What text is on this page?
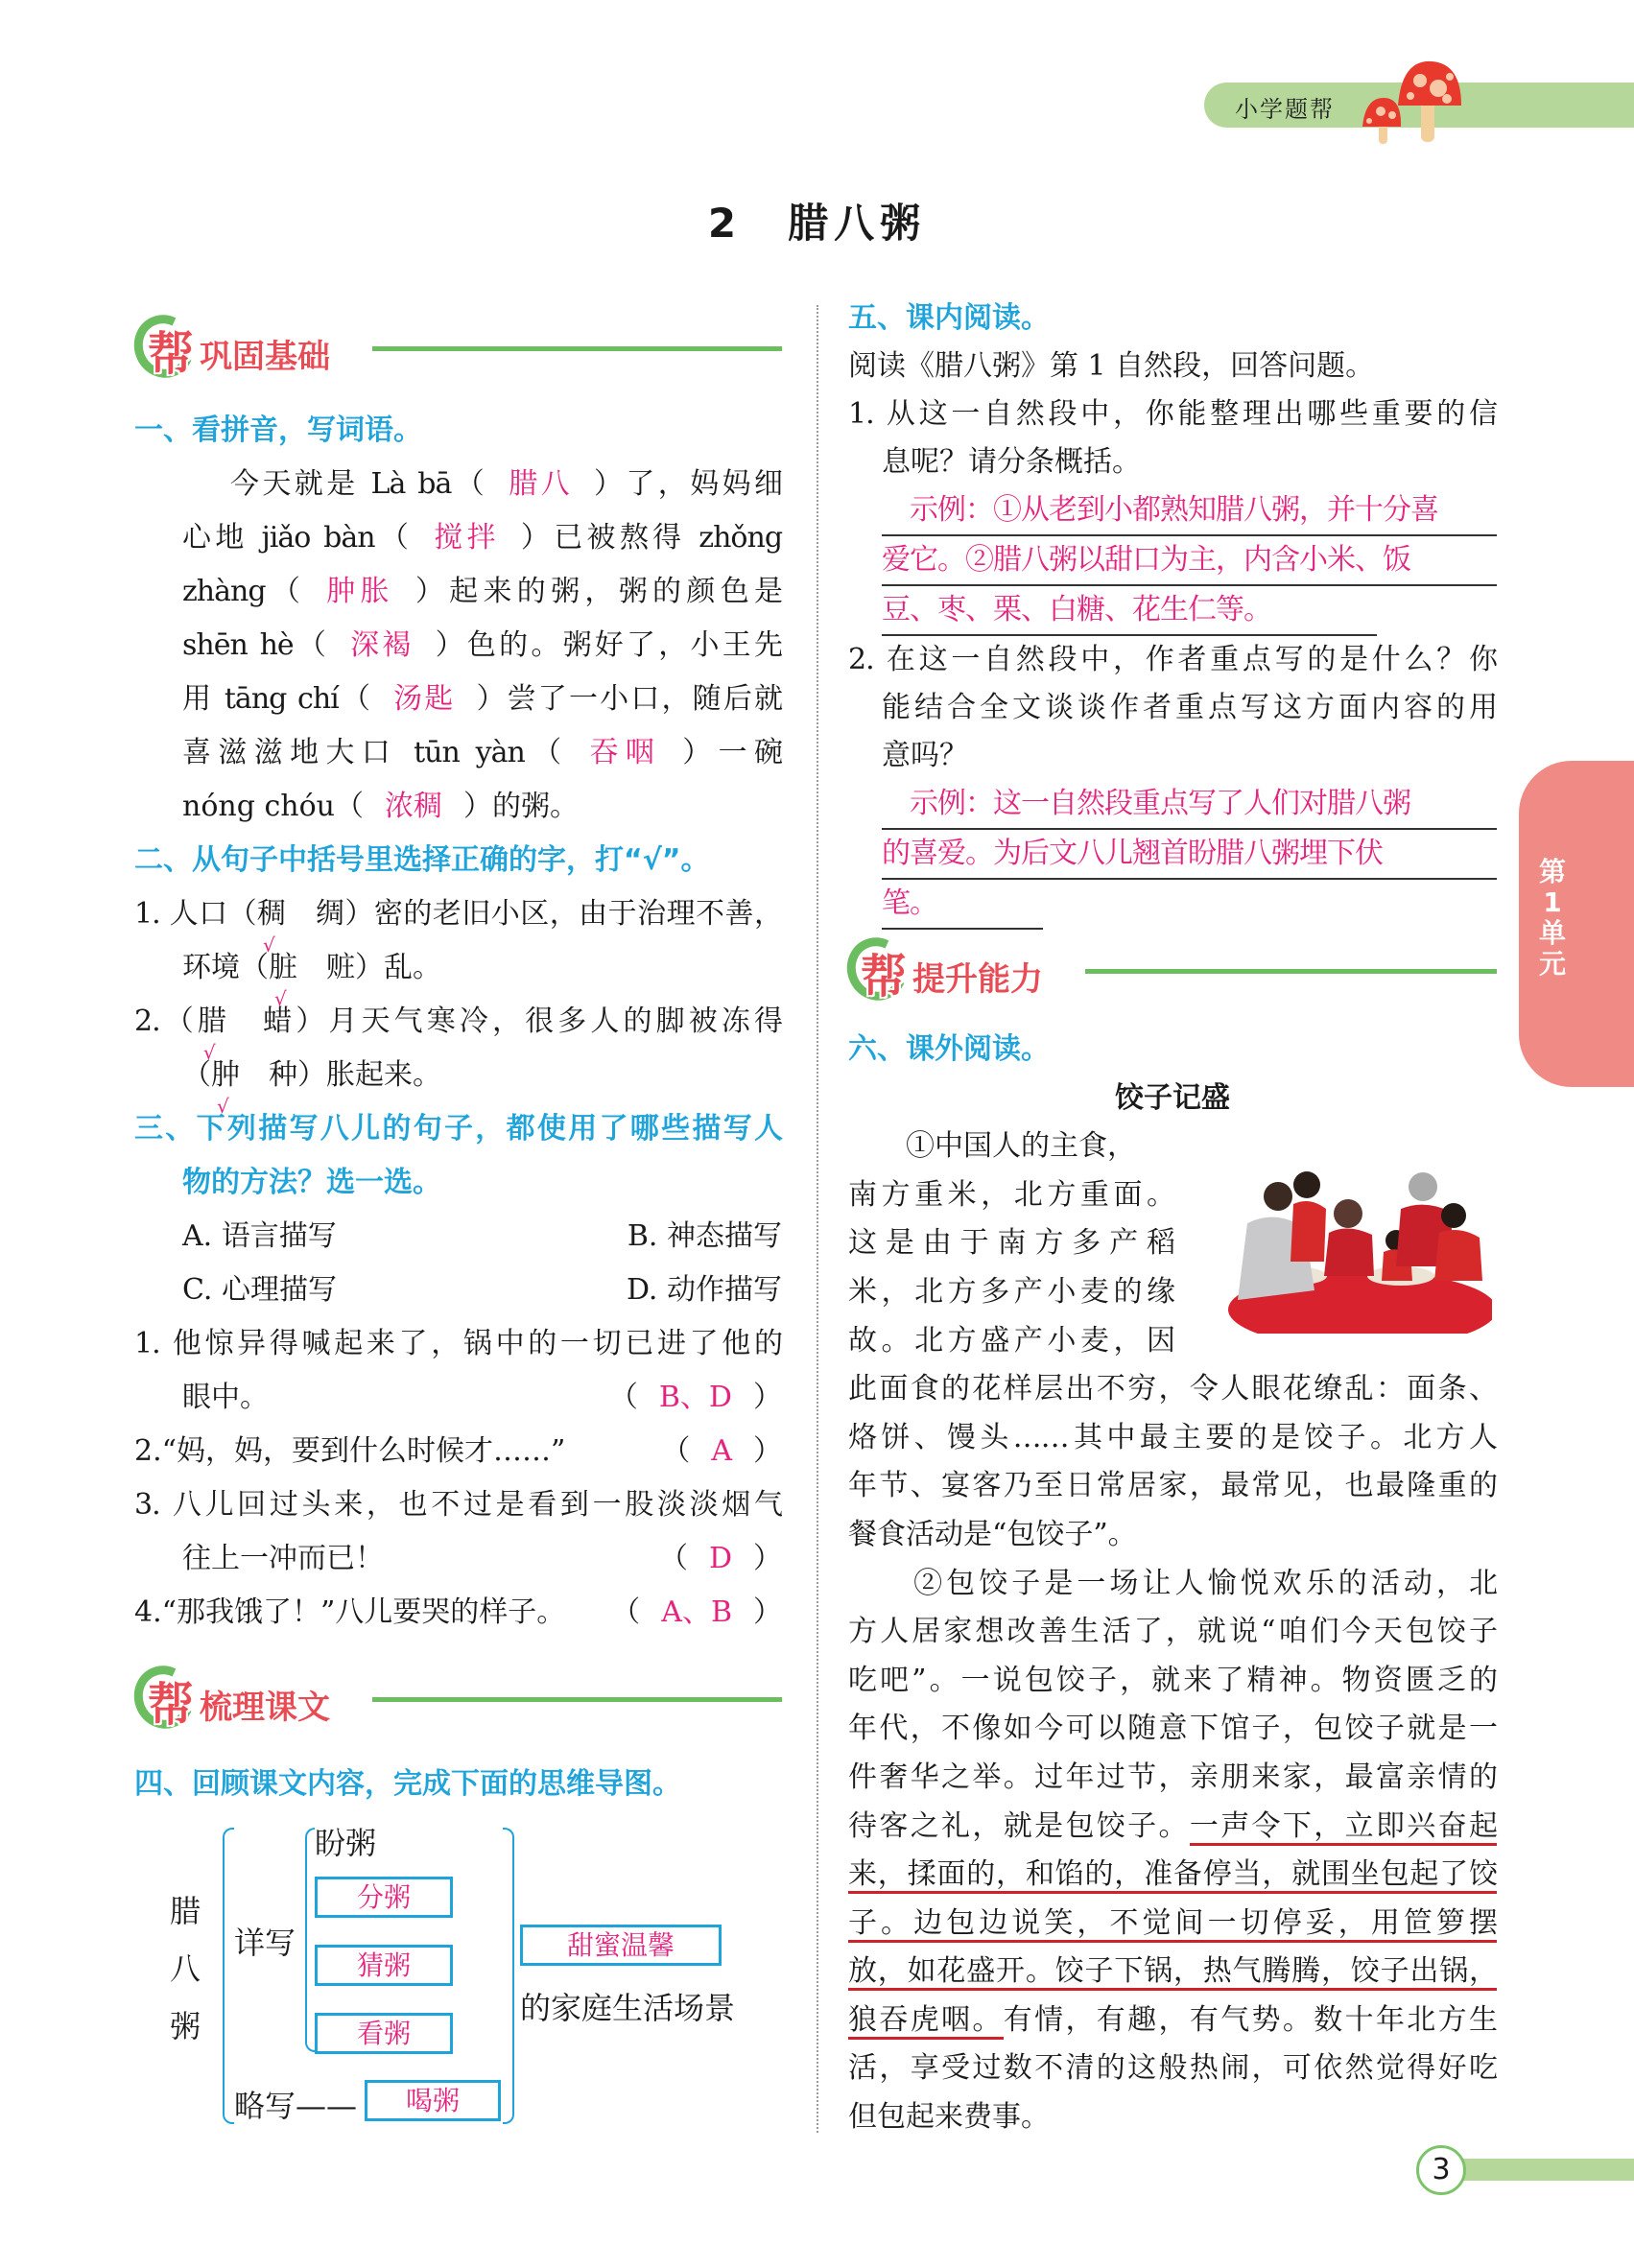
小学题帮
2　腊八粥
帮 巩固基础
帮 梳理课文
帮 提升能力
一、看拼音，写词语。
今天就是 Là bā（ 腊八 ）了，妈妈细
心地 jiǎo bàn（ 搅拌 ）已被熬得 zhǒng
zhàng（ 肿胀 ）起来的粥，粥的颜色是
shēn hè（ 深褐 ）色的。粥好了，小王先
用 tāng chí（ 汤匙 ）尝了一小口，随后就
喜滋滋地大口 tūn yàn（ 吞咽 ）一碗
nóng chóu（ 浓稠 ）的粥。
二、从句子中括号里选择正确的字，打“√”。
1. 人口（稠
√
　绸）密的老旧小区，由于治理不善，
环境（脏
√
　赃）乱。
2.（腊
√
　蜡）月天气寒冷，很多人的脚被冻得
（肿
√
　种）胀起来。
三、下列描写八儿的句子，都使用了哪些描写人
物的方法？选一选。
A. 语言描写	B. 神态描写
C. 心理描写	D. 动作描写
1. 他惊异得喊起来了，锅中的一切已进了他的
眼中。	（ B、D ）
2.“妈，妈，要到什么时候才……”	（ A ）
3. 八儿回过头来，也不过是看到一股淡淡烟气
往上一冲而已！	（ D ）
4.“那我饿了！”八儿要哭的样子。 （ A、B ）
四、回顾课文内容，完成下面的思维导图。
腊八粥
详写
盼粥
分粥
猜粥
看粥
略写——	喝粥
甜蜜温馨
的家庭生活场景
五、课内阅读。
阅读《腊八粥》第 1 自然段，回答问题。
1. 从这一自然段中，你能整理出哪些重要的信
息呢？请分条概括。
　示例：①从老到小都熟知腊八粥，并十分喜
爱它。②腊八粥以甜口为主，内含小米、饭
豆、枣、栗、白糖、花生仁等。
2. 在这一自然段中，作者重点写的是什么？你
能结合全文谈谈作者重点写这方面内容的用
意吗？
　示例：这一自然段重点写了人们对腊八粥
的喜爱。为后文八儿翘首盼腊八粥埋下伏
笔。
六、课外阅读。
饺子记盛
　　①中国人的主食，
南方重米，北方重面。
这是由于南方多产稻
米，北方多产小麦的缘
故。北方盛产小麦，因
此面食的花样层出不穷，令人眼花缭乱：面条、
烙饼、馒头……其中最主要的是饺子。北方人
年节、宴客乃至日常居家，最常见，也最隆重的
餐食活动是“包饺子”。
　　②包饺子是一场让人愉悦欢乐的活动，北
方人居家想改善生活了，就说“咱们今天包饺子
吃吧”。一说包饺子，就来了精神。物资匮乏的
年代，不像如今可以随意下馆子，包饺子就是一
件奢华之举。过年过节，亲朋来家，最富亲情的
待客之礼，就是包饺子。一声令下，立即兴奋起
来，揉面的，和馅的，准备停当，就围坐包起了饺
子。边包边说笑，不觉间一切停妥，用笸箩摆
放，如花盛开。饺子下锅，热气腾腾，饺子出锅，
狼吞虎咽。有情，有趣，有气势。数十年北方生
活，享受过数不清的这般热闹，可依然觉得好吃
但包起来费事。
第1单元
3
